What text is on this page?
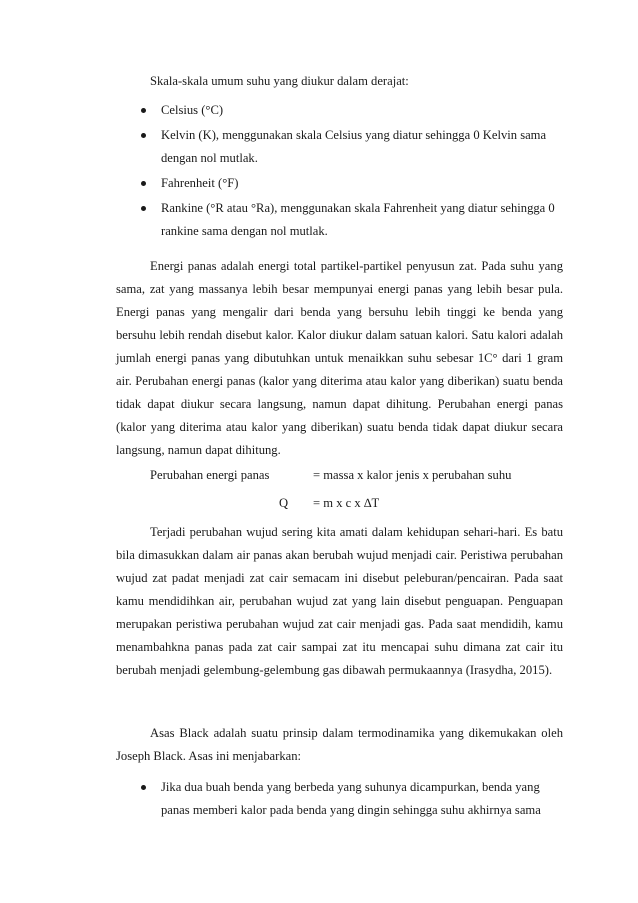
Skala-skala umum suhu yang diukur dalam derajat:

Celsius (°C)
Kelvin (K), menggunakan skala Celsius yang diatur sehingga 0 Kelvin sama dengan nol mutlak.
Fahrenheit (°F)
Rankine (°R atau °Ra), menggunakan skala Fahrenheit yang diatur sehingga 0 rankine sama dengan nol mutlak.

Energi panas adalah energi total partikel-partikel penyusun zat. Pada suhu yang sama, zat yang massanya lebih besar mempunyai energi panas yang lebih besar pula. Energi panas yang mengalir dari benda yang bersuhu lebih tinggi ke benda yang bersuhu lebih rendah disebut kalor. Kalor diukur dalam satuan kalori. Satu kalori adalah jumlah energi panas yang dibutuhkan untuk menaikkan suhu sebesar 1C° dari 1 gram air. Perubahan energi panas (kalor yang diterima atau kalor yang diberikan) suatu benda tidak dapat diukur secara langsung, namun dapat dihitung. Perubahan energi panas (kalor yang diterima atau kalor yang diberikan) suatu benda tidak dapat diukur secara langsung, namun dapat dihitung.

Perubahan energi panas	= massa x kalor jenis x perubahan suhu
Q = m x c x ∆T

Terjadi perubahan wujud sering kita amati dalam kehidupan sehari-hari. Es batu bila dimasukkan dalam air panas akan berubah wujud menjadi cair. Peristiwa perubahan wujud zat padat menjadi zat cair semacam ini disebut peleburan/pencairan. Pada saat kamu mendidihkan air, perubahan wujud zat yang lain disebut penguapan. Penguapan merupakan peristiwa perubahan wujud zat cair menjadi gas. Pada saat mendidih, kamu menambahkna panas pada zat cair sampai zat itu mencapai suhu dimana zat cair itu berubah menjadi gelembung-gelembung gas dibawah permukaannya (Irasydha, 2015).

Asas Black adalah suatu prinsip dalam termodinamika yang dikemukakan oleh Joseph Black. Asas ini menjabarkan:

Jika dua buah benda yang berbeda yang suhunya dicampurkan, benda yang panas memberi kalor pada benda yang dingin sehingga suhu akhirnya sama
